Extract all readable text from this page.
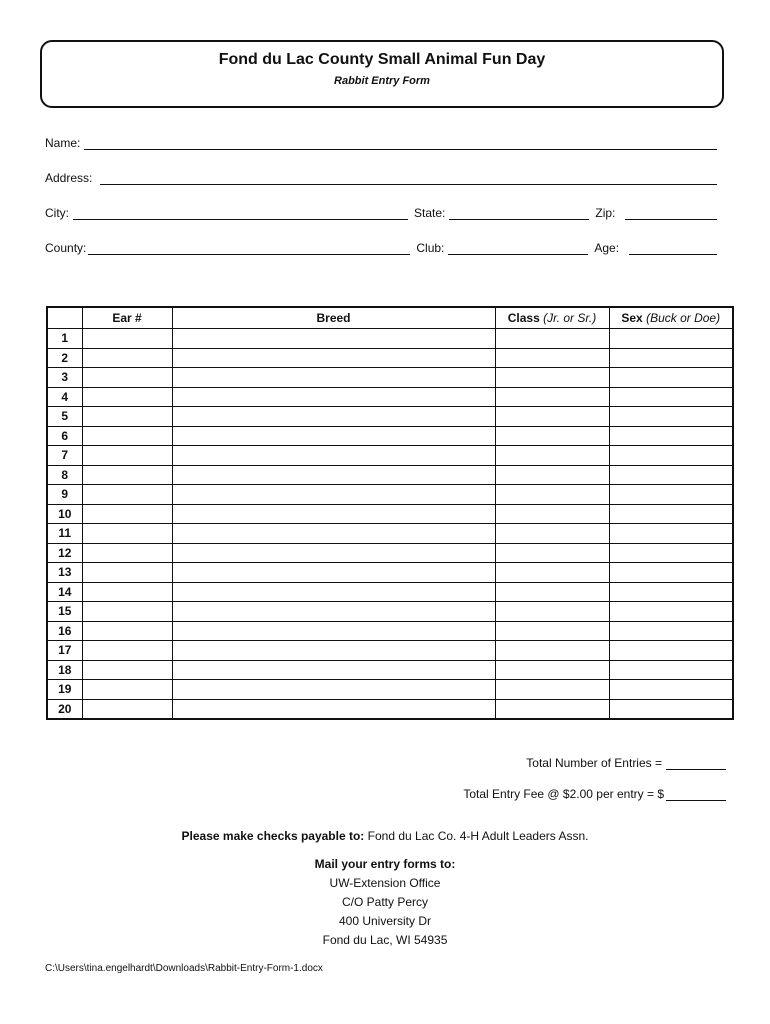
Fond du Lac County Small Animal Fun Day
Rabbit Entry Form
Name:
Address:
City:	State:	Zip:
County:	Club:	Age:
	Ear #	Breed	Class (Jr. or Sr.)	Sex (Buck or Doe)
1				
2				
3				
4				
5				
6				
7				
8				
9				
10				
11				
12				
13				
14				
15				
16				
17				
18				
19				
20				
Total Number of Entries =
Total Entry Fee @ $2.00 per entry = $
Please make checks payable to: Fond du Lac Co. 4-H Adult Leaders Assn.
Mail your entry forms to:
UW-Extension Office
C/O Patty Percy
400 University Dr
Fond du Lac, WI 54935
C:\Users\tina.engelhardt\Downloads\Rabbit-Entry-Form-1.docx
